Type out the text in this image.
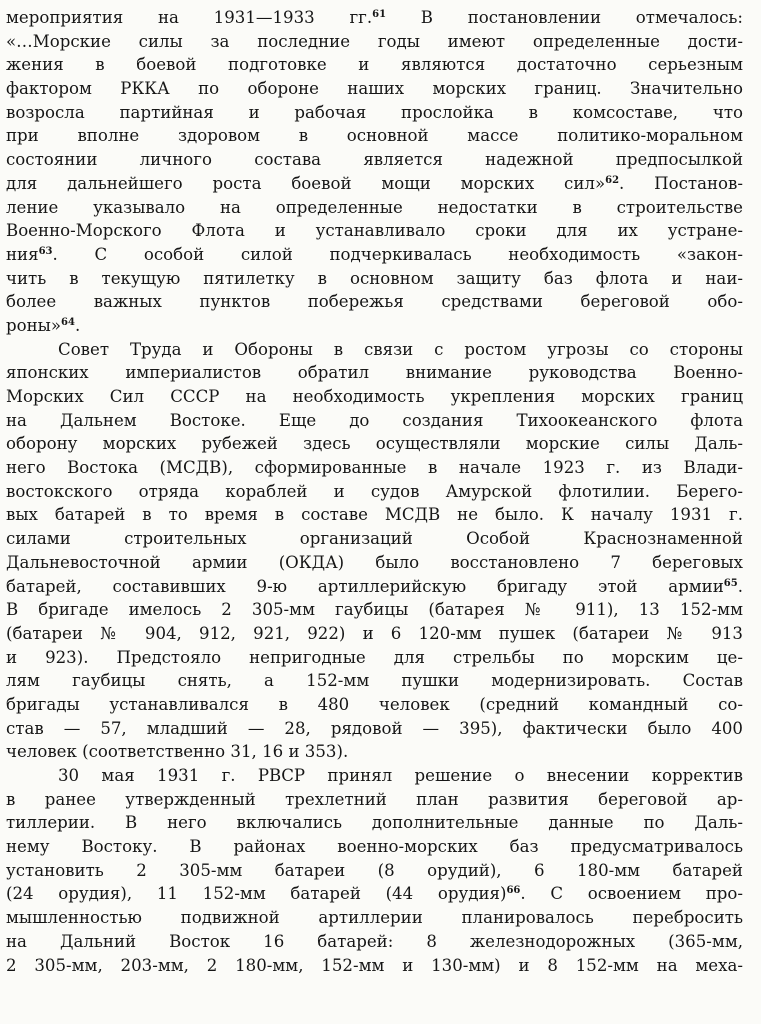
мероприятия на 1931—1933 гг.$^{61}$ В постановлении отмечалось:
«…Морские силы за последние годы имеют определенные дости-
жения в боевой подготовке и являются достаточно серьезным
фактором РККА по обороне наших морских границ. Значительно
возросла партийная и рабочая прослойка в комсоставе, что
при вполне здоровом в основной массе политико-моральном
состоянии личного состава является надежной предпосылкой
для дальнейшего роста боевой мощи морских сил»$^{62}$. Постанов-
ление указывало на определенные недостатки в строительстве
Военно-Морского Флота и устанавливало сроки для их устране-
ния$^{63}$. С особой силой подчеркивалась необходимость «закон-
чить в текущую пятилетку в основном защиту баз флота и наи-
более важных пунктов побережья средствами береговой обо-
роны»$^{64}$.
Совет Труда и Обороны в связи с ростом угрозы со стороны
японских империалистов обратил внимание руководства Военно-
Морских Сил СССР на необходимость укрепления морских границ
на Дальнем Востоке. Еще до создания Тихоокеанского флота
оборону морских рубежей здесь осуществляли морские силы Даль-
него Востока (МСДВ), сформированные в начале 1923 г. из Влади-
востокского отряда кораблей и судов Амурской флотилии. Берего-
вых батарей в то время в составе МСДВ не было. К началу 1931 г.
силами строительных организаций Особой Краснознаменной
Дальневосточной армии (ОКДА) было восстановлено 7 береговых
батарей, составивших 9-ю артиллерийскую бригаду этой армии$^{65}$.
В бригаде имелось 2 305-мм гаубицы (батарея № 911), 13 152-мм
(батареи № 904, 912, 921, 922) и 6 120-мм пушек (батареи № 913
и 923). Предстояло непригодные для стрельбы по морским це-
лям гаубицы снять, а 152-мм пушки модернизировать. Состав
бригады устанавливался в 480 человек (средний командный со-
став — 57, младший — 28, рядовой — 395), фактически было 400
человек (соответственно 31, 16 и 353).
30 мая 1931 г. РВСР принял решение о внесении корректив
в ранее утвержденный трехлетний план развития береговой ар-
тиллерии. В него включались дополнительные данные по Даль-
нему Востоку. В районах военно-морских баз предусматривалось
установить 2 305-мм батареи (8 орудий), 6 180-мм батарей
(24 орудия), 11 152-мм батарей (44 орудия)$^{66}$. С освоением про-
мышленностью подвижной артиллерии планировалось перебросить
на Дальний Восток 16 батарей: 8 железнодорожных (365-мм,
2 305-мм, 203-мм, 2 180-мм, 152-мм и 130-мм) и 8 152-мм на меха-
